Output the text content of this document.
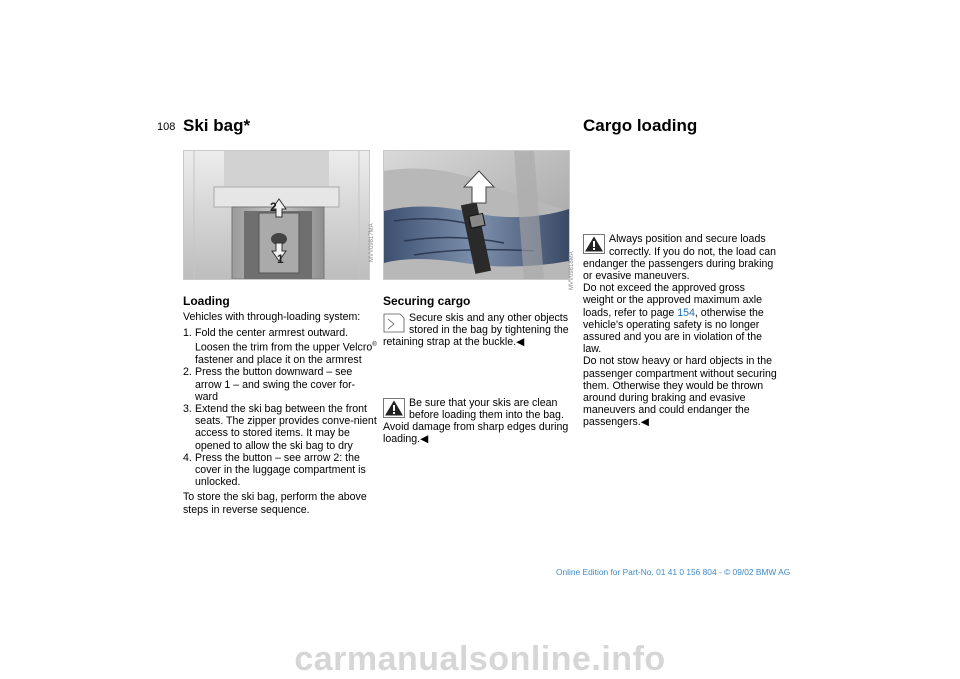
108 Ski bag*
2
1	MVV09817MA
Loading
Vehicles with through-loading system:
1. Fold the center armrest outward. Loosen the trim from the upper Velcro® fastener and place it on the armrest
2. Press the button downward – see arrow 1 – and swing the cover for-ward
3. Extend the ski bag between the front seats. The zipper provides conve-nient access to stored items. It may be opened to allow the ski bag to dry
4. Press the button – see arrow 2: the cover in the luggage compartment is unlocked.
To store the ski bag, perform the above steps in reverse sequence.
MVV09818MA
Securing cargo

Secure skis and any other objects stored in the bag by tightening the retaining strap at the buckle.◀

Be sure that your skis are clean before loading them into the bag. Avoid damage from sharp edges during loading.◀

Cargo loading

Always position and secure loads correctly. If you do not, the load can endanger the passengers during braking or evasive maneuvers.

Do not exceed the approved gross weight or the approved maximum axle loads, refer to page 154, otherwise the vehicle's operating safety is no longer assured and you are in violation of the law.

Do not stow heavy or hard objects in the passenger compartment without securing them. Otherwise they would be thrown around during braking and evasive maneuvers and could endanger the passengers.◀

Online Edition for Part-No. 01 41 0 156 804 - © 09/02 BMW AG
carmanualsonline.info
